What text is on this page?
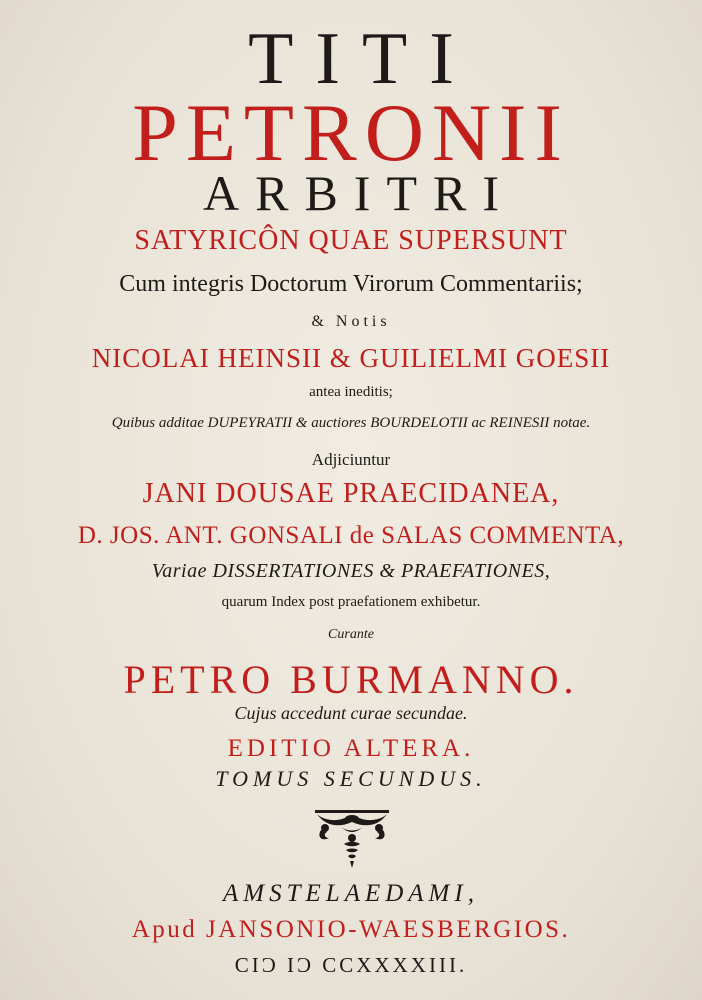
TITI
PETRONII
ARBITRI
SATYRICÔN QUAE SUPERSUNT
Cum integris Doctorum Virorum Commentariis;
& Notis
NICOLAI HEINSII & GUILIELMI GOESII
antea ineditis;
Quibus additae DUPEYRATII & auctiores BOURDELOTII ac REINESII notae.
Adjiciuntur
JANI DOUSAE PRAECIDANEA,
D. JOS. ANT. GONSALI de SALAS COMMENTA,
Variae DISSERTATIONES & PRAEFATIONES,
quarum Index post praefationem exhibetur.
Curante
PETRO BURMANNO.
Cujus accedunt curae secundae.
EDITIO ALTERA.
TOMUS SECUNDUS.
AMSTELAEDAMI,
Apud JANSONIO-WAESBERGIOS.
CIƆ IƆ CCXXXXIII.
